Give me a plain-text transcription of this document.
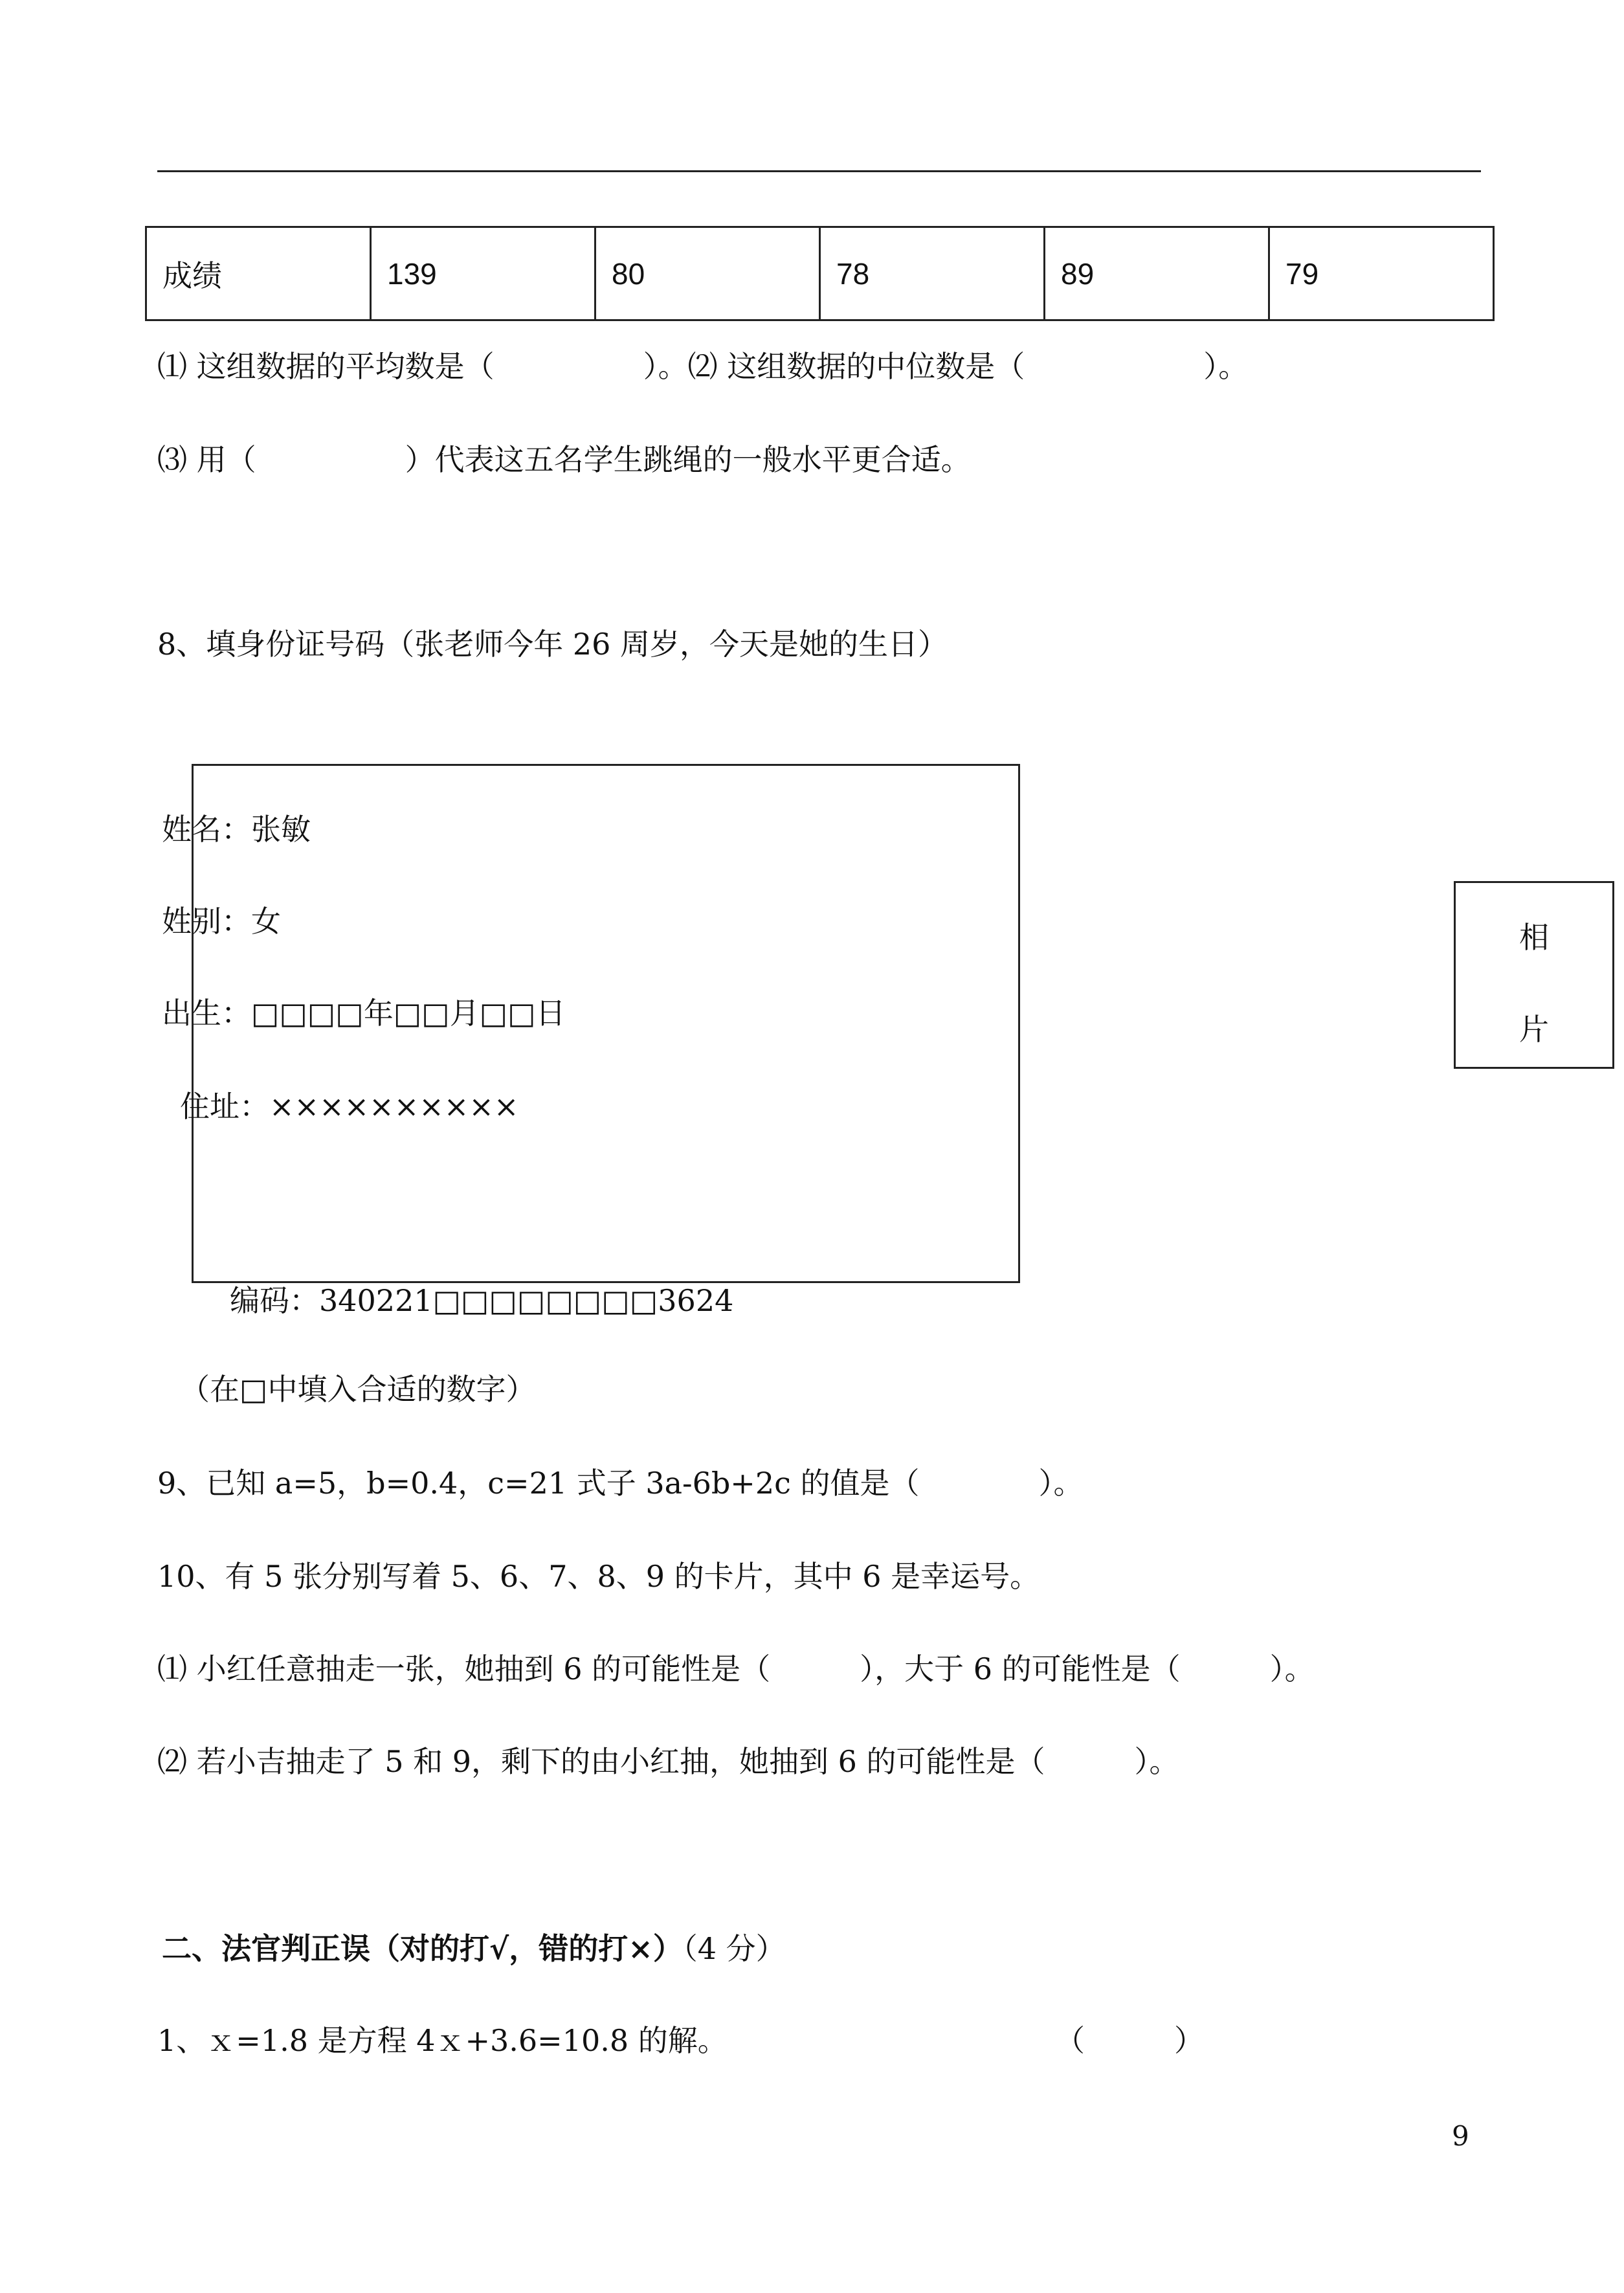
成绩	139	80	78	89	79
⑴ 这组数据的平均数是（　　　　　）。⑵ 这组数据的中位数是（　　　　　　）。
⑶ 用（　　　　　）代表这五名学生跳绳的一般水平更合适。
8、填身份证号码（张老师今年 26 周岁，今天是她的生日）
姓名：张敏
姓别：女
出生：□□□□年□□月□□日
住址：××××××××××
编码：340221□□□□□□□□3624
（在□中填入合适的数字）
相
片
9、已知 a=5，b=0.4，c=21 式子 3a-6b+2c 的值是（　　　　）。
10、有 5 张分别写着 5、6、7、8、9 的卡片，其中 6 是幸运号。
⑴ 小红任意抽走一张，她抽到 6 的可能性是（　　　），大于 6 的可能性是（　　　）。
⑵ 若小吉抽走了 5 和 9，剩下的由小红抽，她抽到 6 的可能性是（　　　）。
二、法官判正误（对的打√，错的打×）（4 分）
1、ｘ=1.8 是方程 4ｘ+3.6=10.8 的解。	（　　　）
9
